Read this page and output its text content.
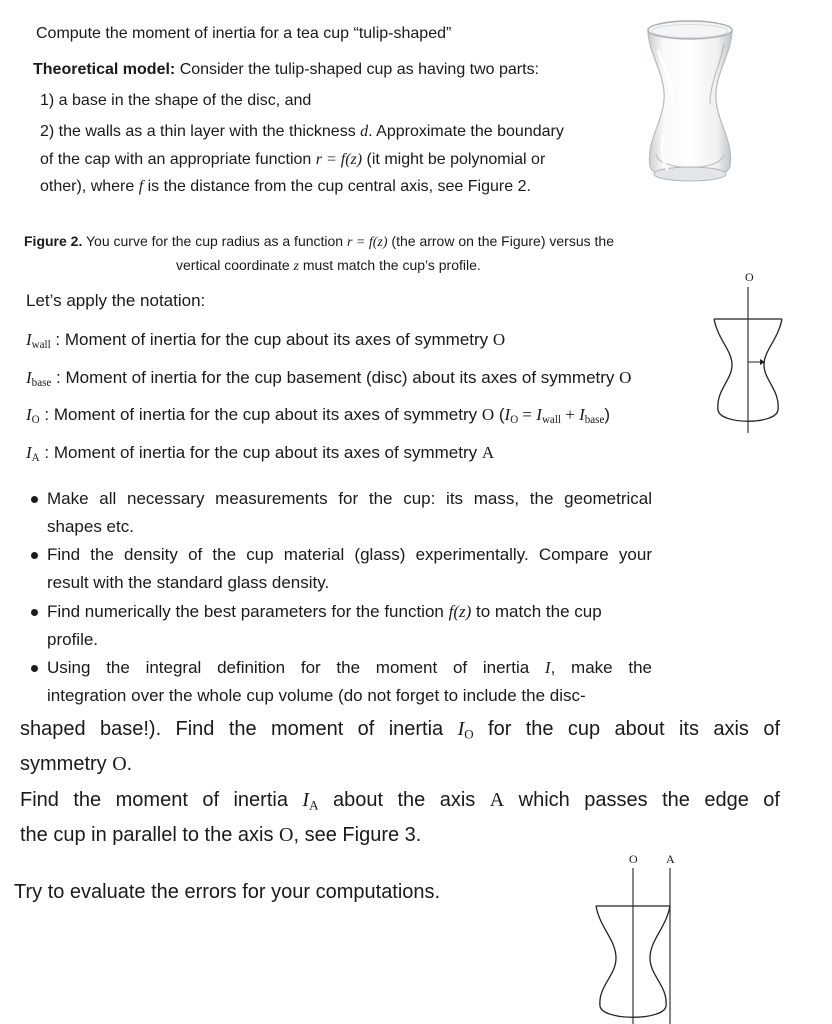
Compute the moment of inertia for a tea cup “tulip-shaped”
Theoretical model: Consider the tulip-shaped cup as having two parts:
1) a base in the shape of the disc, and
2) the walls as a thin layer with the thickness d. Approximate the boundary
of the cap with an appropriate function r = f(z) (it might be polynomial or
other), where f is the distance from the cup central axis, see Figure 2.
Figure 2. You curve for the cup radius as a function r = f(z) (the arrow on the Figure) versus the
vertical coordinate z must match the cup’s profile.
O
Let’s apply the notation:
$I_{wall}$ : Moment of inertia for the cup about its axes of symmetry O
$I_{base}$ : Moment of inertia for the cup basement (disc) about its axes of symmetry O
$I_O$ : Moment of inertia for the cup about its axes of symmetry O $(I_O = I_{wall} + I_{base})$
$I_A$ : Moment of inertia for the cup about its axes of symmetry A
Make all necessary measurements for the cup: its mass, the geometrical
shapes etc.
Find the density of the cup material (glass) experimentally. Compare your
result with the standard glass density.
Find numerically the best parameters for the function f(z) to match the cup
profile.
Using the integral definition for the moment of inertia I, make the
integration over the whole cup volume (do not forget to include the disc-
shaped base!). Find the moment of inertia $I_O$ for the cup about its axis of
symmetry O.
Find the moment of inertia $I_A$ about the axis A which passes the edge of
the cup in parallel to the axis O, see Figure 3.
Try to evaluate the errors for your computations.
O A
